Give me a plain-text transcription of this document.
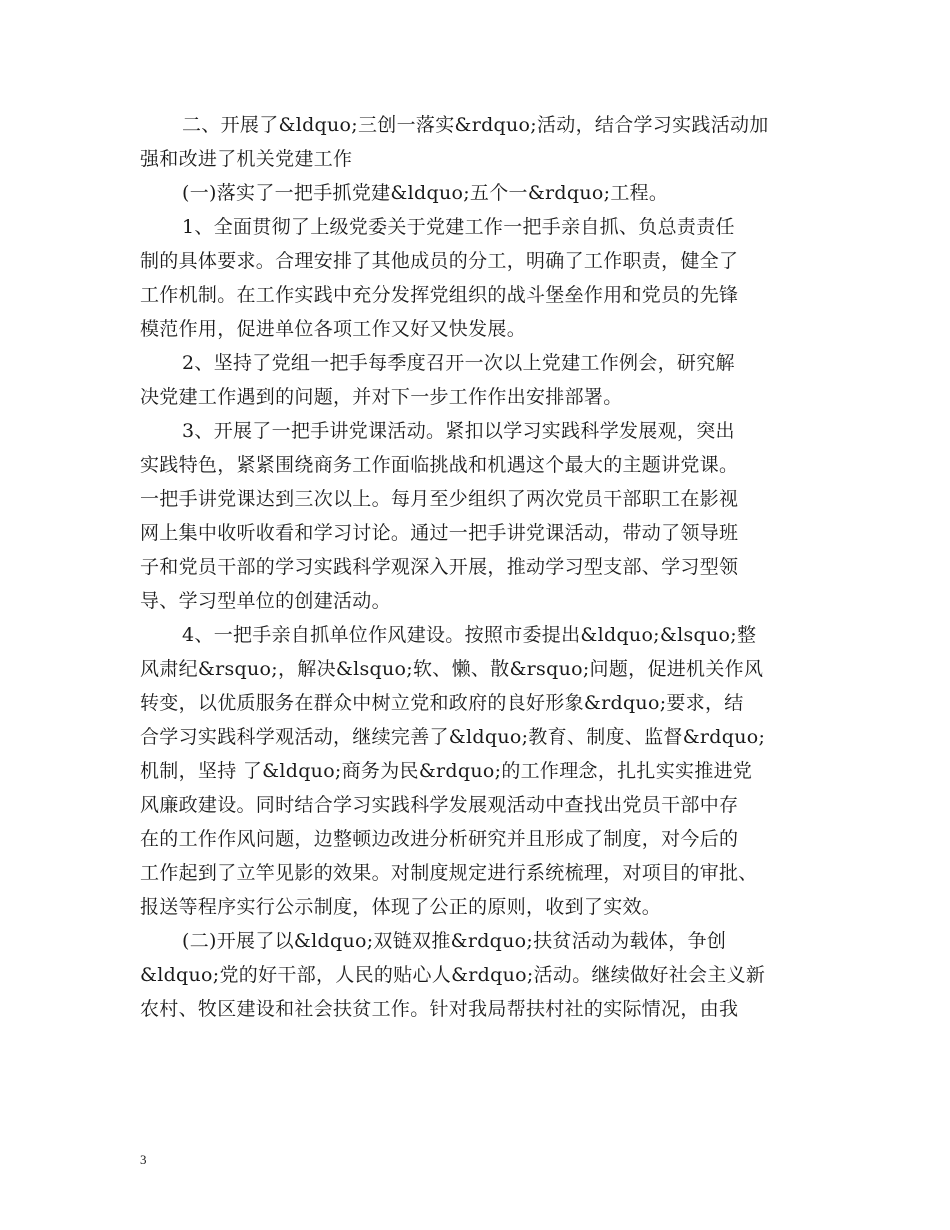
二、开展了&ldquo;三创一落实&rdquo;活动，结合学习实践活动加
强和改进了机关党建工作
(一)落实了一把手抓党建&ldquo;五个一&rdquo;工程。
1、全面贯彻了上级党委关于党建工作一把手亲自抓、负总责责任
制的具体要求。合理安排了其他成员的分工，明确了工作职责，健全了
工作机制。在工作实践中充分发挥党组织的战斗堡垒作用和党员的先锋
模范作用，促进单位各项工作又好又快发展。
2、坚持了党组一把手每季度召开一次以上党建工作例会，研究解
决党建工作遇到的问题，并对下一步工作作出安排部署。
3、开展了一把手讲党课活动。紧扣以学习实践科学发展观，突出
实践特色，紧紧围绕商务工作面临挑战和机遇这个最大的主题讲党课。
一把手讲党课达到三次以上。每月至少组织了两次党员干部职工在影视
网上集中收听收看和学习讨论。通过一把手讲党课活动，带动了领导班
子和党员干部的学习实践科学观深入开展，推动学习型支部、学习型领
导、学习型单位的创建活动。
4、一把手亲自抓单位作风建设。按照市委提出&ldquo;&lsquo;整
风肃纪&rsquo;，解决&lsquo;软、懒、散&rsquo;问题，促进机关作风
转变，以优质服务在群众中树立党和政府的良好形象&rdquo;要求，结
合学习实践科学观活动，继续完善了&ldquo;教育、制度、监督&rdquo;
机制，坚持 了&ldquo;商务为民&rdquo;的工作理念，扎扎实实推进党
风廉政建设。同时结合学习实践科学发展观活动中查找出党员干部中存
在的工作作风问题，边整顿边改进分析研究并且形成了制度，对今后的
工作起到了立竿见影的效果。对制度规定进行系统梳理，对项目的审批、
报送等程序实行公示制度，体现了公正的原则，收到了实效。
(二)开展了以&ldquo;双链双推&rdquo;扶贫活动为载体，争创
&ldquo;党的好干部，人民的贴心人&rdquo;活动。继续做好社会主义新
农村、牧区建设和社会扶贫工作。针对我局帮扶村社的实际情况，由我
3
